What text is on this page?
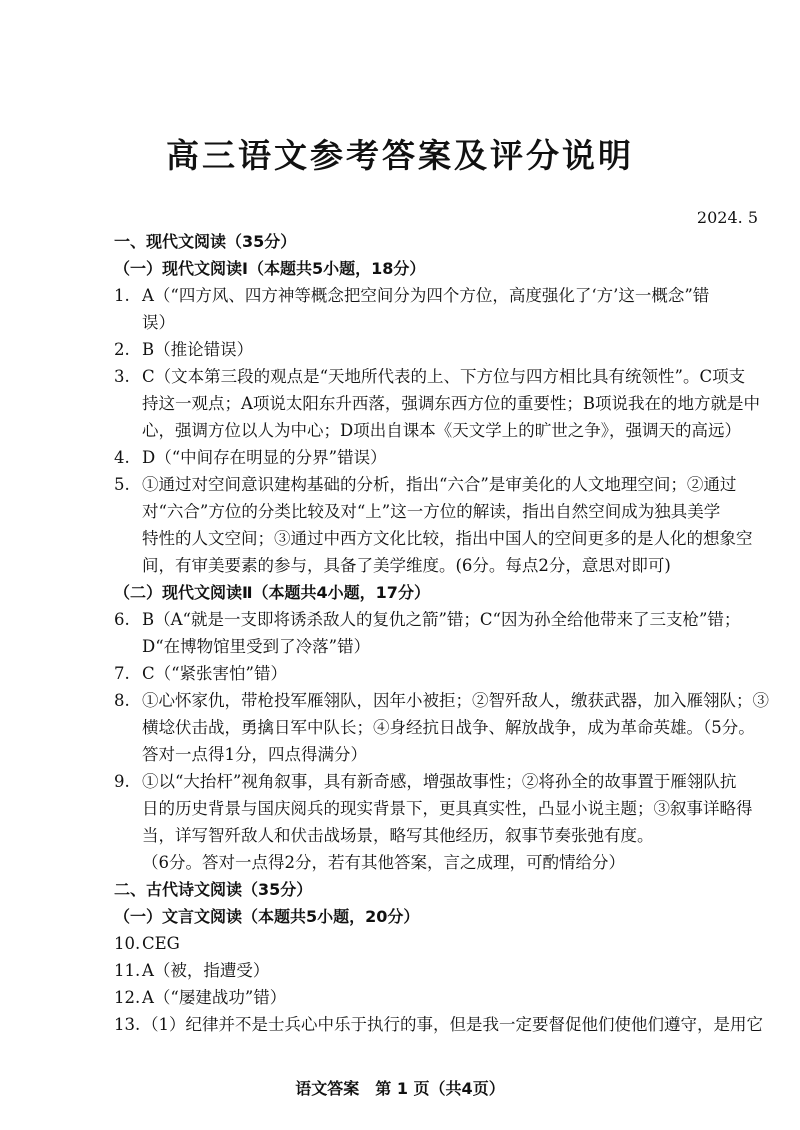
高三语文参考答案及评分说明
2024. 5
一、现代文阅读（35分）
（一）现代文阅读Ⅰ（本题共5小题，18分）
1. A（“四方风、四方神等概念把空间分为四个方位，高度强化了‘方’这一概念”错
误）
2. B（推论错误）
3. C（文本第三段的观点是“天地所代表的上、下方位与四方相比具有统领性”。C项支
持这一观点；A项说太阳东升西落，强调东西方位的重要性；B项说我在的地方就是中
心，强调方位以人为中心；D项出自课本《天文学上的旷世之争》，强调天的高远）
4. D（“中间存在明显的分界”错误）
5. ①通过对空间意识建构基础的分析，指出“六合”是审美化的人文地理空间；②通过
对“六合”方位的分类比较及对“上”这一方位的解读，指出自然空间成为独具美学
特性的人文空间；③通过中西方文化比较，指出中国人的空间更多的是人化的想象空
间，有审美要素的参与，具备了美学维度。(6分。每点2分，意思对即可)
（二）现代文阅读Ⅱ（本题共4小题，17分）
6. B（A“就是一支即将诱杀敌人的复仇之箭”错；C“因为孙全给他带来了三支枪”错；
D“在博物馆里受到了冷落”错）
7. C（“紧张害怕”错）
8. ①心怀家仇，带枪投军雁翎队，因年小被拒；②智歼敌人，缴获武器，加入雁翎队；③
横埝伏击战，勇擒日军中队长；④身经抗日战争、解放战争，成为革命英雄。（5分。
答对一点得1分，四点得满分）
9. ①以“大抬杆”视角叙事，具有新奇感，增强故事性；②将孙全的故事置于雁翎队抗
日的历史背景与国庆阅兵的现实背景下，更具真实性，凸显小说主题；③叙事详略得
当，详写智歼敌人和伏击战场景，略写其他经历，叙事节奏张弛有度。
（6分。答对一点得2分，若有其他答案，言之成理，可酌情给分）
二、古代诗文阅读（35分）
（一）文言文阅读（本题共5小题，20分）
10. CEG
11. A（被，指遭受）
12. A（“屡建战功”错）
13. （1）纪律并不是士兵心中乐于执行的事，但是我一定要督促他们使他们遵守，是用它
语文答案　第 1 页（共4页）
